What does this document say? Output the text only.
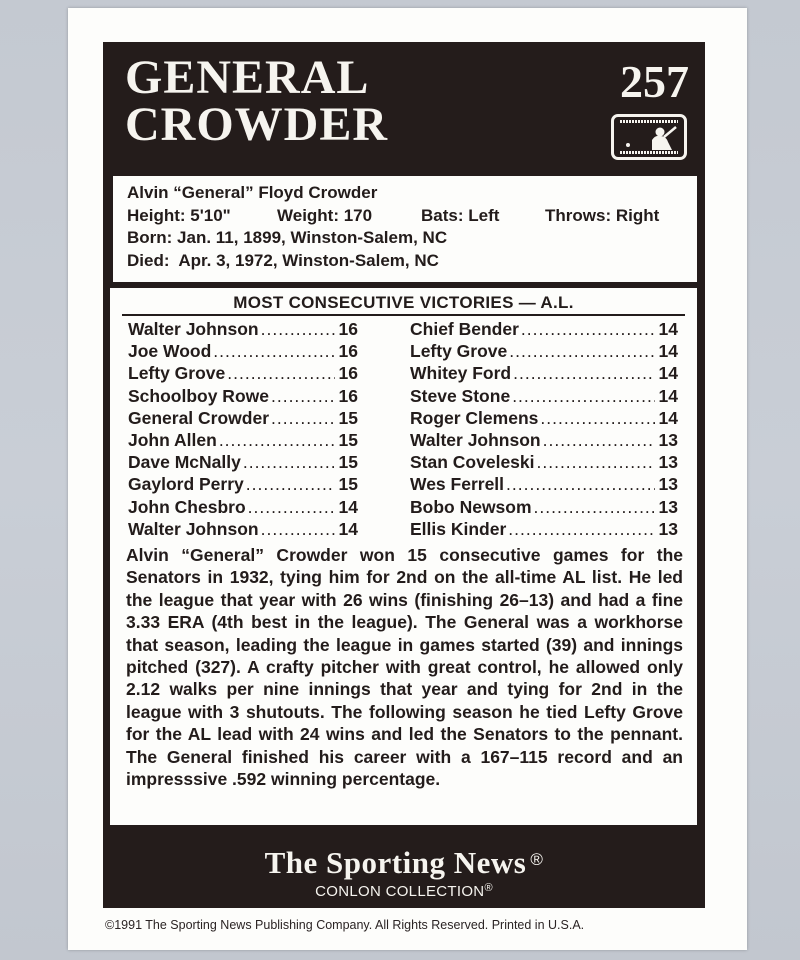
GENERAL
CROWDER
257
Alvin “General” Floyd Crowder
Height: 5'10"	Weight: 170	Bats: Left	Throws: Right
Born: Jan. 11, 1899, Winston-Salem, NC
Died:  Apr. 3, 1972, Winston-Salem, NC
MOST CONSECUTIVE VICTORIES — A.L.
Walter Johnson .....	16
Joe Wood .....	16
Lefty Grove .....	16
Schoolboy Rowe .....	16
General Crowder .....	15
John Allen .....	15
Dave McNally .....	15
Gaylord Perry .....	15
John Chesbro .....	14
Walter Johnson .....	14
Chief Bender .....	14
Lefty Grove .....	14
Whitey Ford .....	14
Steve Stone .....	14
Roger Clemens .....	14
Walter Johnson .....	13
Stan Coveleski .....	13
Wes Ferrell .....	13
Bobo Newsom .....	13
Ellis Kinder .....	13
Alvin “General” Crowder won 15 consecutive games for the Senators in 1932, tying him for 2nd on the all-time AL list. He led the league that year with 26 wins (finishing 26–13) and had a fine 3.33 ERA (4th best in the league). The General was a workhorse that season, leading the league in games started (39) and innings pitched (327). A crafty pitcher with great control, he allowed only 2.12 walks per nine innings that year and tying for 2nd in the league with 3 shutouts. The following season he tied Lefty Grove for the AL lead with 24 wins and led the Senators to the pennant. The General finished his career with a 167–115 record and an impresssive .592 winning percentage.
The Sporting News ®
CONLON COLLECTION®
©1991 The Sporting News Publishing Company. All Rights Reserved. Printed in U.S.A.
